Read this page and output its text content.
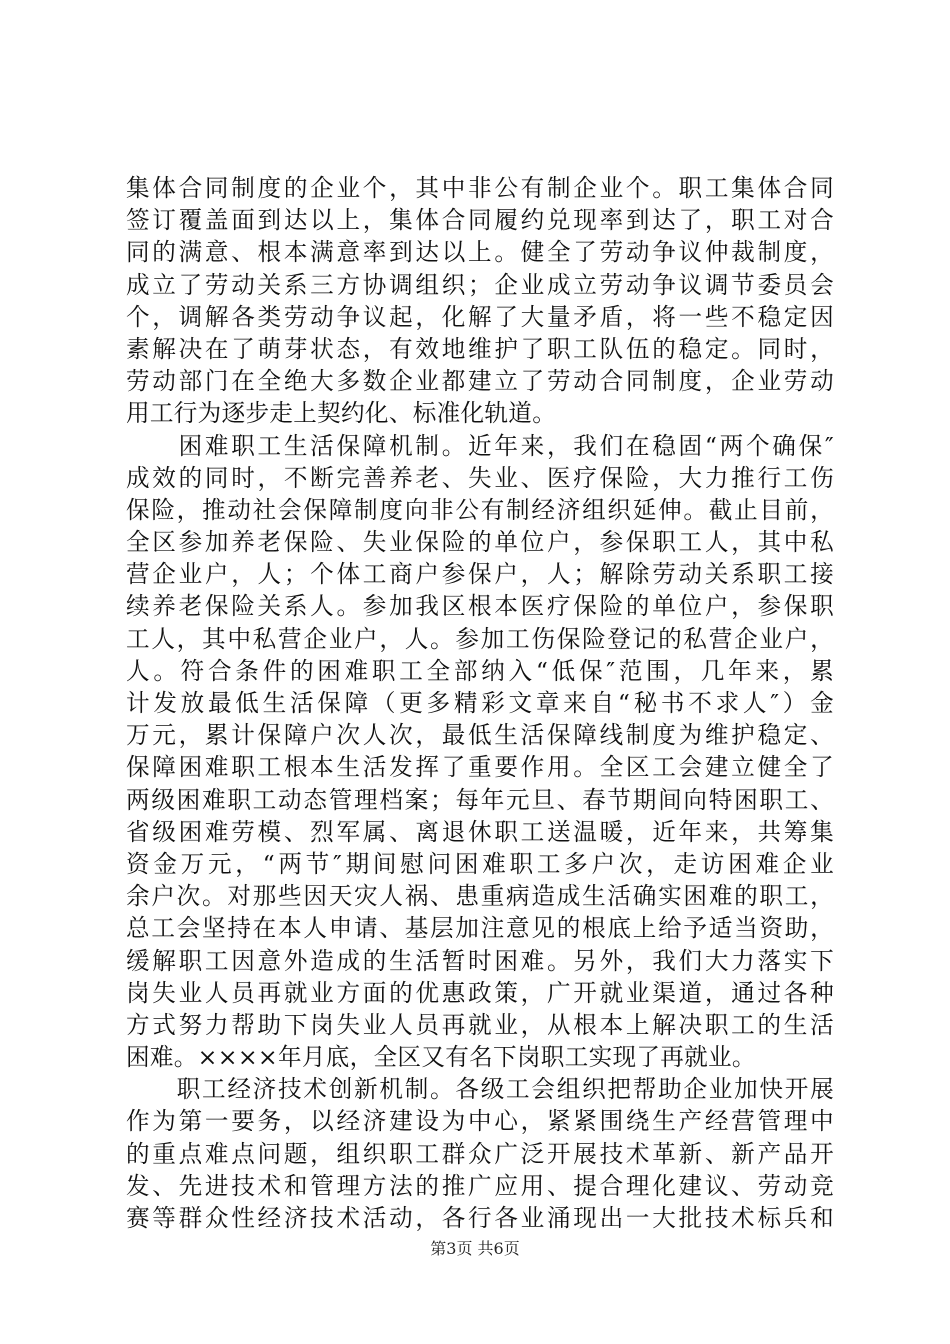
集体合同制度的企业个，其中非公有制企业个。职工集体合同
签订覆盖面到达以上，集体合同履约兑现率到达了，职工对合
同的满意、根本满意率到达以上。健全了劳动争议仲裁制度，
成立了劳动关系三方协调组织；企业成立劳动争议调节委员会
个，调解各类劳动争议起，化解了大量矛盾，将一些不稳定因
素解决在了萌芽状态，有效地维护了职工队伍的稳定。同时，
劳动部门在全绝大多数企业都建立了劳动合同制度，企业劳动
用工行为逐步走上契约化、标准化轨道。
　　困难职工生活保障机制。近年来，我们在稳固“两个确保″
成效的同时，不断完善养老、失业、医疗保险，大力推行工伤
保险，推动社会保障制度向非公有制经济组织延伸。截止目前，
全区参加养老保险、失业保险的单位户，参保职工人，其中私
营企业户，人；个体工商户参保户，人；解除劳动关系职工接
续养老保险关系人。参加我区根本医疗保险的单位户，参保职
工人，其中私营企业户，人。参加工伤保险登记的私营企业户，
人。符合条件的困难职工全部纳入“低保″范围，几年来，累
计发放最低生活保障（更多精彩文章来自“秘书不求人″）金
万元，累计保障户次人次，最低生活保障线制度为维护稳定、
保障困难职工根本生活发挥了重要作用。全区工会建立健全了
两级困难职工动态管理档案；每年元旦、春节期间向特困职工、
省级困难劳模、烈军属、离退休职工送温暖，近年来，共筹集
资金万元，“两节″期间慰问困难职工多户次，走访困难企业
余户次。对那些因天灾人祸、患重病造成生活确实困难的职工，
总工会坚持在本人申请、基层加注意见的根底上给予适当资助，
缓解职工因意外造成的生活暂时困难。另外，我们大力落实下
岗失业人员再就业方面的优惠政策，广开就业渠道，通过各种
方式努力帮助下岗失业人员再就业，从根本上解决职工的生活
困难。××××年月底，全区又有名下岗职工实现了再就业。
　　职工经济技术创新机制。各级工会组织把帮助企业加快开展
作为第一要务，以经济建设为中心，紧紧围绕生产经营管理中
的重点难点问题，组织职工群众广泛开展技术革新、新产品开
发、先进技术和管理方法的推广应用、提合理化建议、劳动竞
赛等群众性经济技术活动，各行各业涌现出一大批技术标兵和
第3页 共6页
